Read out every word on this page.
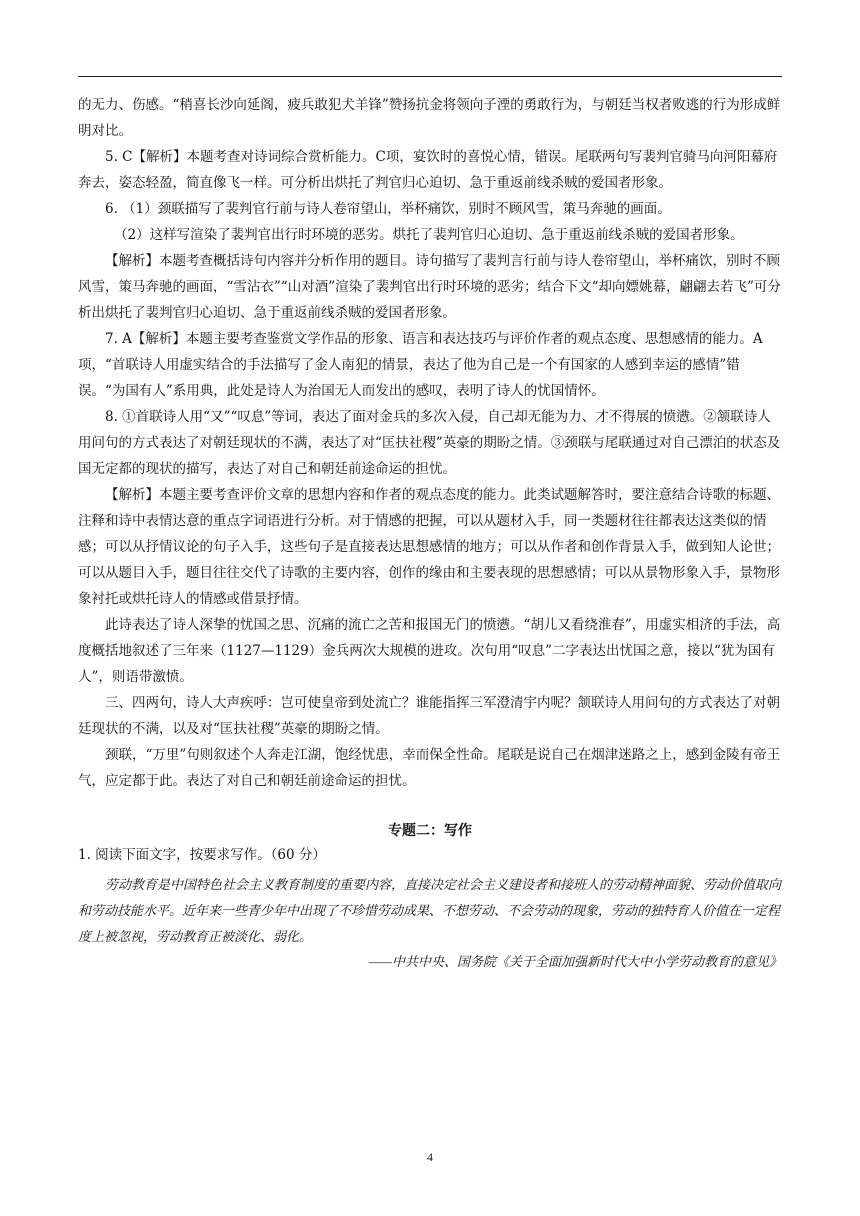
的无力、伤感。“稍喜长沙向延阁，疲兵敢犯犬羊锋”赞扬抗金将领向子湮的勇敢行为，与朝廷当权者败逃的行为形成鲜明对比。

5. C【解析】本题考查对诗词综合赏析能力。C项，宴饮时的喜悦心情，错误。尾联两句写裴判官骑马向河阳幕府奔去，姿态轻盈，简直像飞一样。可分析出烘托了判官归心迫切、急于重返前线杀贼的爱国者形象。

6. （1）颈联描写了裴判官行前与诗人卷帘望山，举杯痛饮，别时不顾风雪，策马奔驰的画面。

（2）这样写渲染了裴判官出行时环境的恶劣。烘托了裴判官归心迫切、急于重返前线杀贼的爱国者形象。

【解析】本题考查概括诗句内容并分析作用的题目。诗句描写了裴判言行前与诗人卷帘望山，举杯痛饮，别时不顾风雪，策马奔驰的画面，“雪沾衣”“山对酒”渲染了裴判官出行时环境的恶劣；结合下文“却向嫖姚幕，翩翩去若飞”可分析出烘托了裴判官归心迫切、急于重返前线杀贼的爱国者形象。

7. A【解析】本题主要考查鉴赏文学作品的形象、语言和表达技巧与评价作者的观点态度、思想感情的能力。A项，“首联诗人用虚实结合的手法描写了金人南犯的情景，表达了他为自己是一个有国家的人感到幸运的感情”错误。“为国有人”系用典，此处是诗人为治国无人而发出的感叹，表明了诗人的忧国情怀。

8. ①首联诗人用“又”“叹息”等词，表达了面对金兵的多次入侵，自己却无能为力、才不得展的愤懑。②颔联诗人用问句的方式表达了对朝廷现状的不满，表达了对“匡扶社稷”英豪的期盼之情。③颈联与尾联通过对自己漂泊的状态及国无定都的现状的描写，表达了对自己和朝廷前途命运的担忧。

【解析】本题主要考查评价文章的思想内容和作者的观点态度的能力。此类试题解答时，要注意结合诗歌的标题、注释和诗中表情达意的重点字词语进行分析。对于情感的把握，可以从题材入手，同一类题材往往都表达这类似的情感；可以从抒情议论的句子入手，这些句子是直接表达思想感情的地方；可以从作者和创作背景入手，做到知人论世；可以从题目入手，题目往往交代了诗歌的主要内容，创作的缘由和主要表现的思想感情；可以从景物形象入手，景物形象衬托或烘托诗人的情感或借景抒情。

此诗表达了诗人深挚的忧国之思、沉痛的流亡之苦和报国无门的愤懑。“胡儿又看绕淮春”，用虚实相济的手法，高度概括地叙述了三年来（1127—1129）金兵两次大规模的进攻。次句用“叹息”二字表达出忧国之意，接以“犹为国有人”，则语带激愤。

三、四两句，诗人大声疾呼：岂可使皇帝到处流亡？谁能指挥三军澄清宇内呢？颔联诗人用问句的方式表达了对朝廷现状的不满，以及对“匡扶社稷”英豪的期盼之情。

颈联，“万里”句则叙述个人奔走江湖，饱经忧患，幸而保全性命。尾联是说自己在烟津迷路之上，感到金陵有帝王气，应定都于此。表达了对自己和朝廷前途命运的担忧。

专题二：写作

1. 阅读下面文字，按要求写作。（60 分）

劳动教育是中国特色社会主义教育制度的重要内容，直接决定社会主义建设者和接班人的劳动精神面貌、劳动价值取向和劳动技能水平。近年来一些青少年中出现了不珍惜劳动成果、不想劳动、不会劳动的现象，劳动的独特育人价值在一定程度上被忽视，劳动教育正被淡化、弱化。

——中共中央、国务院《关于全面加强新时代大中小学劳动教育的意见》

4
